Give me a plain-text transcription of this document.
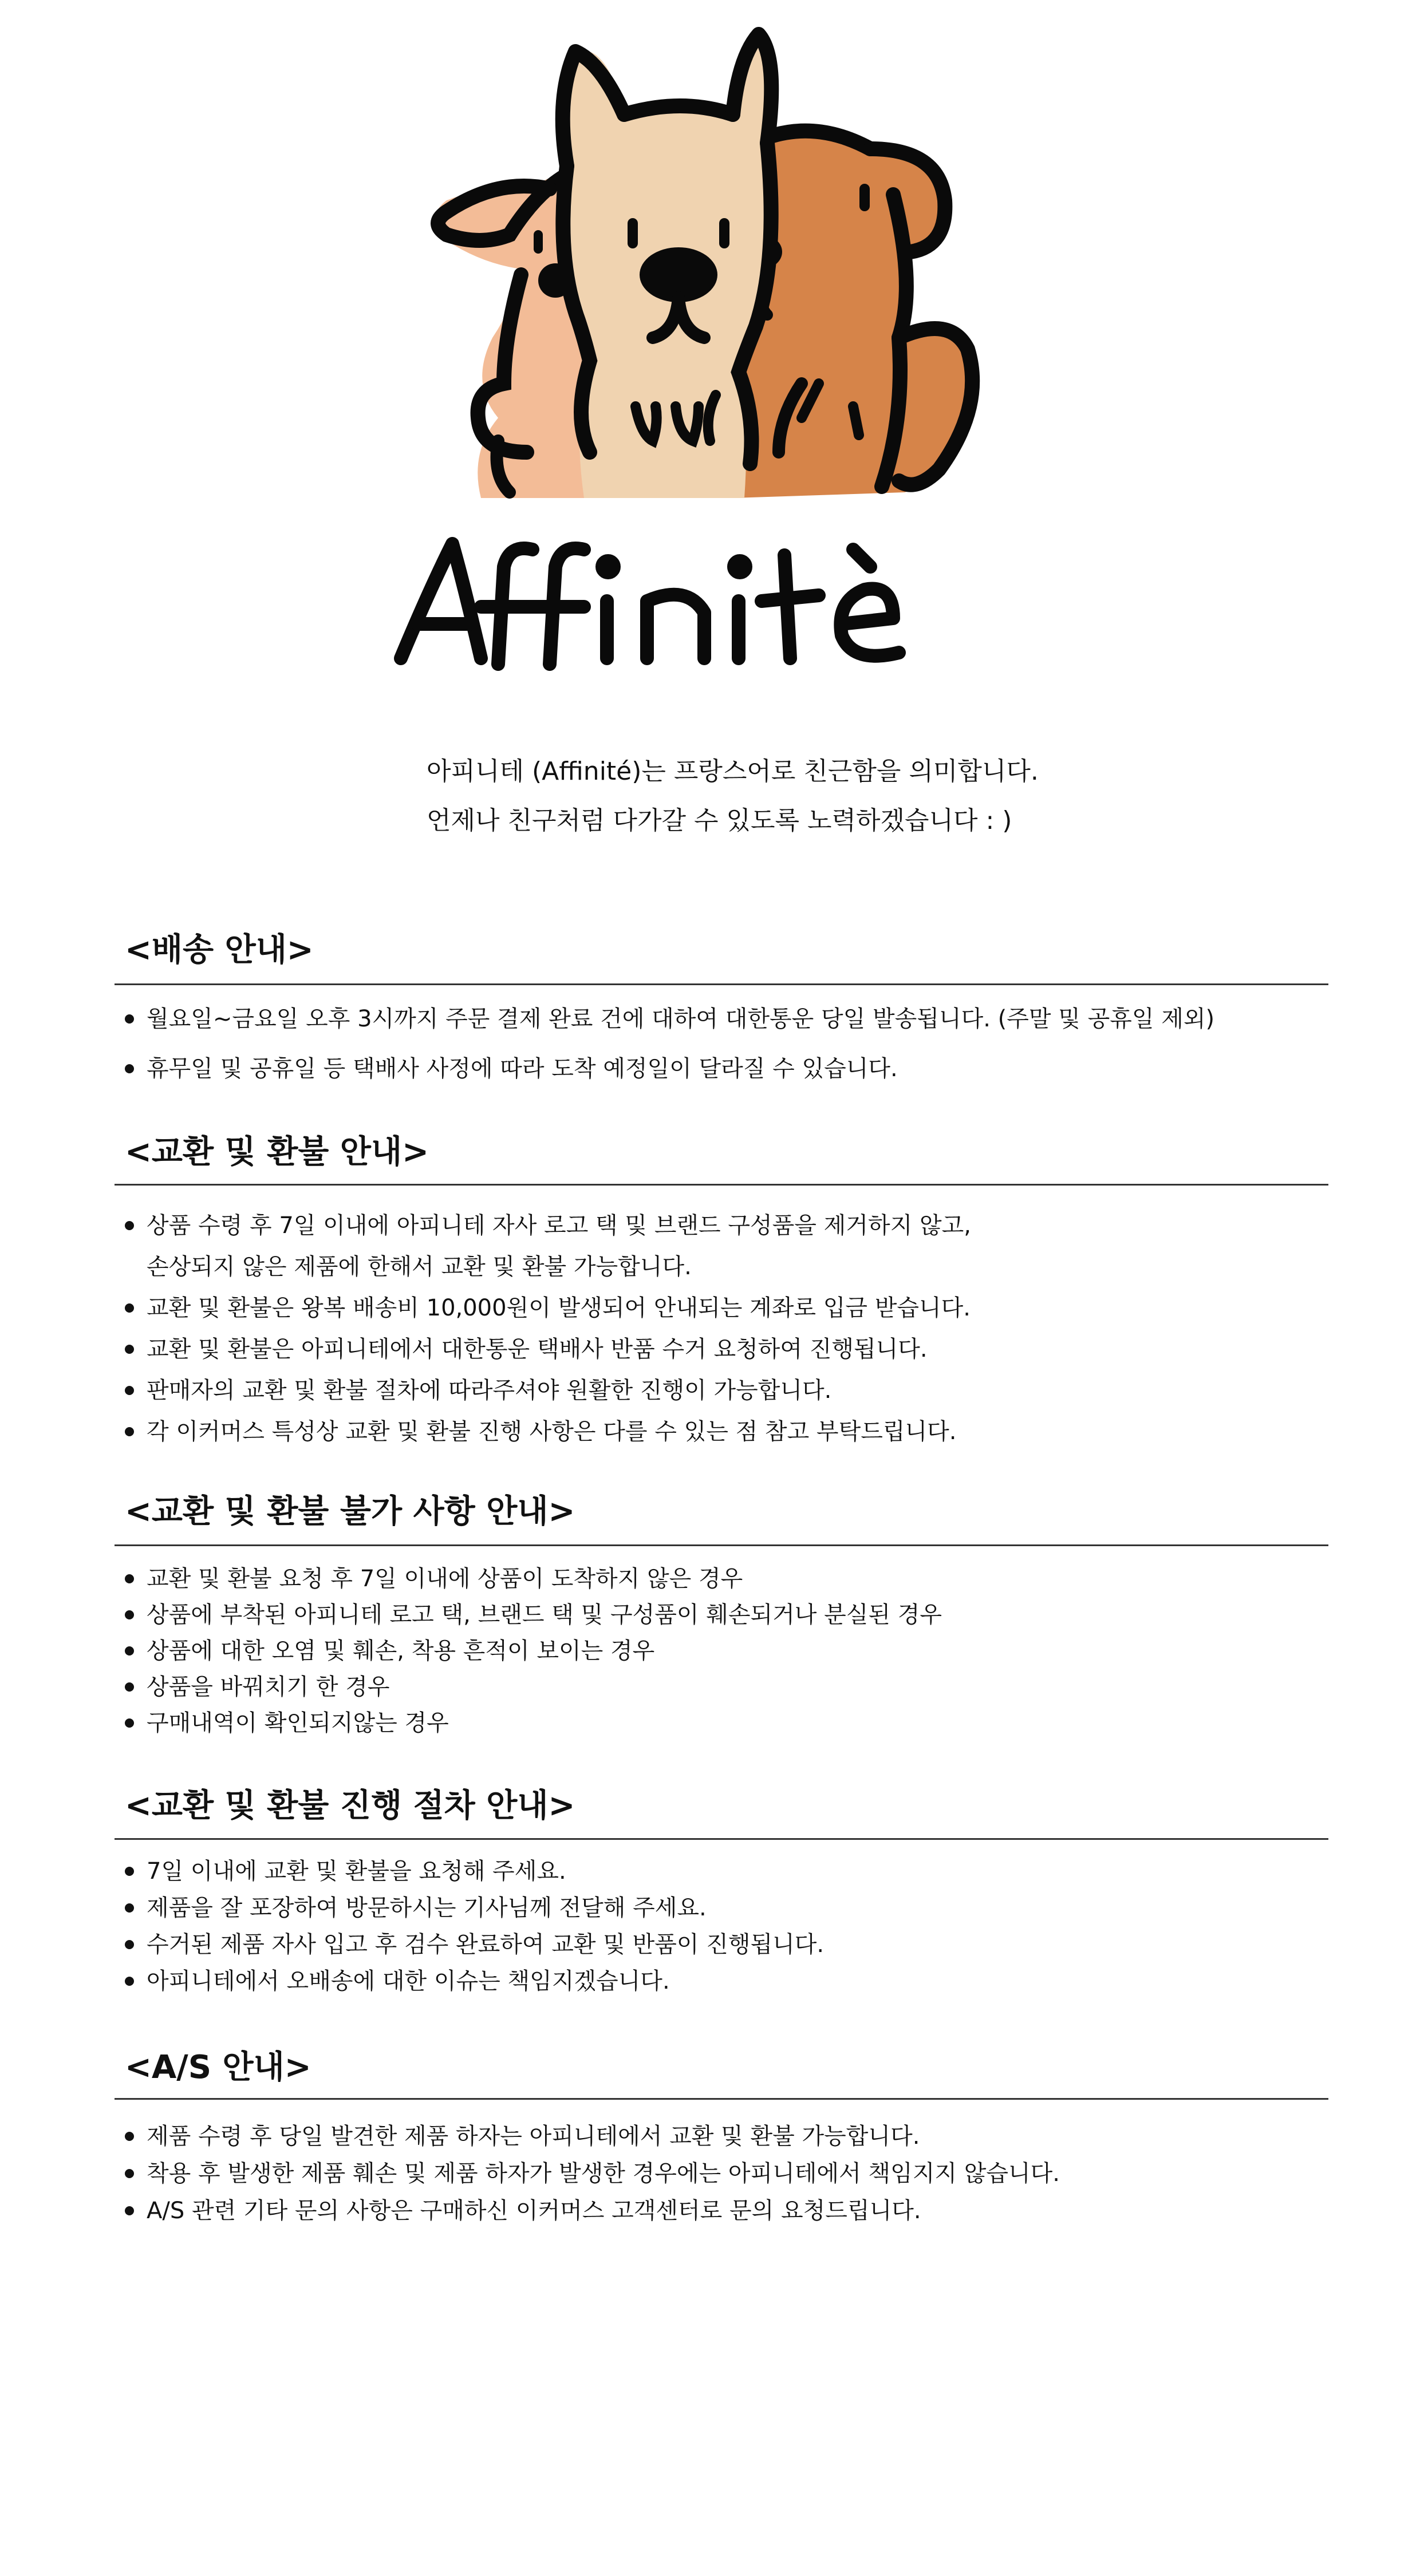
아피니테 (Affinité)는 프랑스어로 친근함을 의미합니다.

언제나 친구처럼 다가갈 수 있도록 노력하겠습니다 : )

<배송 안내>
월요일~금요일 오후 3시까지 주문 결제 완료 건에 대하여 대한통운 당일 발송됩니다. (주말 및 공휴일 제외)
휴무일 및 공휴일 등 택배사 사정에 따라 도착 예정일이 달라질 수 있습니다.
<교환 및 환불 안내>
상품 수령 후 7일 이내에 아피니테 자사 로고 택 및 브랜드 구성품을 제거하지 않고,
손상되지 않은 제품에 한해서 교환 및 환불 가능합니다.
교환 및 환불은 왕복 배송비 10,000원이 발생되어 안내되는 계좌로 입금 받습니다.
교환 및 환불은 아피니테에서 대한통운 택배사 반품 수거 요청하여 진행됩니다.
판매자의 교환 및 환불 절차에 따라주셔야 원활한 진행이 가능합니다.
각 이커머스 특성상 교환 및 환불 진행 사항은 다를 수 있는 점 참고 부탁드립니다.
<교환 및 환불 불가 사항 안내>
교환 및 환불 요청 후 7일 이내에 상품이 도착하지 않은 경우
상품에 부착된 아피니테 로고 택, 브랜드 택 및 구성품이 훼손되거나 분실된 경우
상품에 대한 오염 및 훼손, 착용 흔적이 보이는 경우
상품을 바꿔치기 한 경우
구매내역이 확인되지않는 경우
<교환 및 환불 진행 절차 안내>
7일 이내에 교환 및 환불을 요청해 주세요.
제품을 잘 포장하여 방문하시는 기사님께 전달해 주세요.
수거된 제품 자사 입고 후 검수 완료하여 교환 및 반품이 진행됩니다.
아피니테에서 오배송에 대한 이슈는 책임지겠습니다.
<A/S 안내>
제품 수령 후 당일 발견한 제품 하자는 아피니테에서 교환 및 환불 가능합니다.
착용 후 발생한 제품 훼손 및 제품 하자가 발생한 경우에는 아피니테에서 책임지지 않습니다.
A/S 관련 기타 문의 사항은 구매하신 이커머스 고객센터로 문의 요청드립니다.
